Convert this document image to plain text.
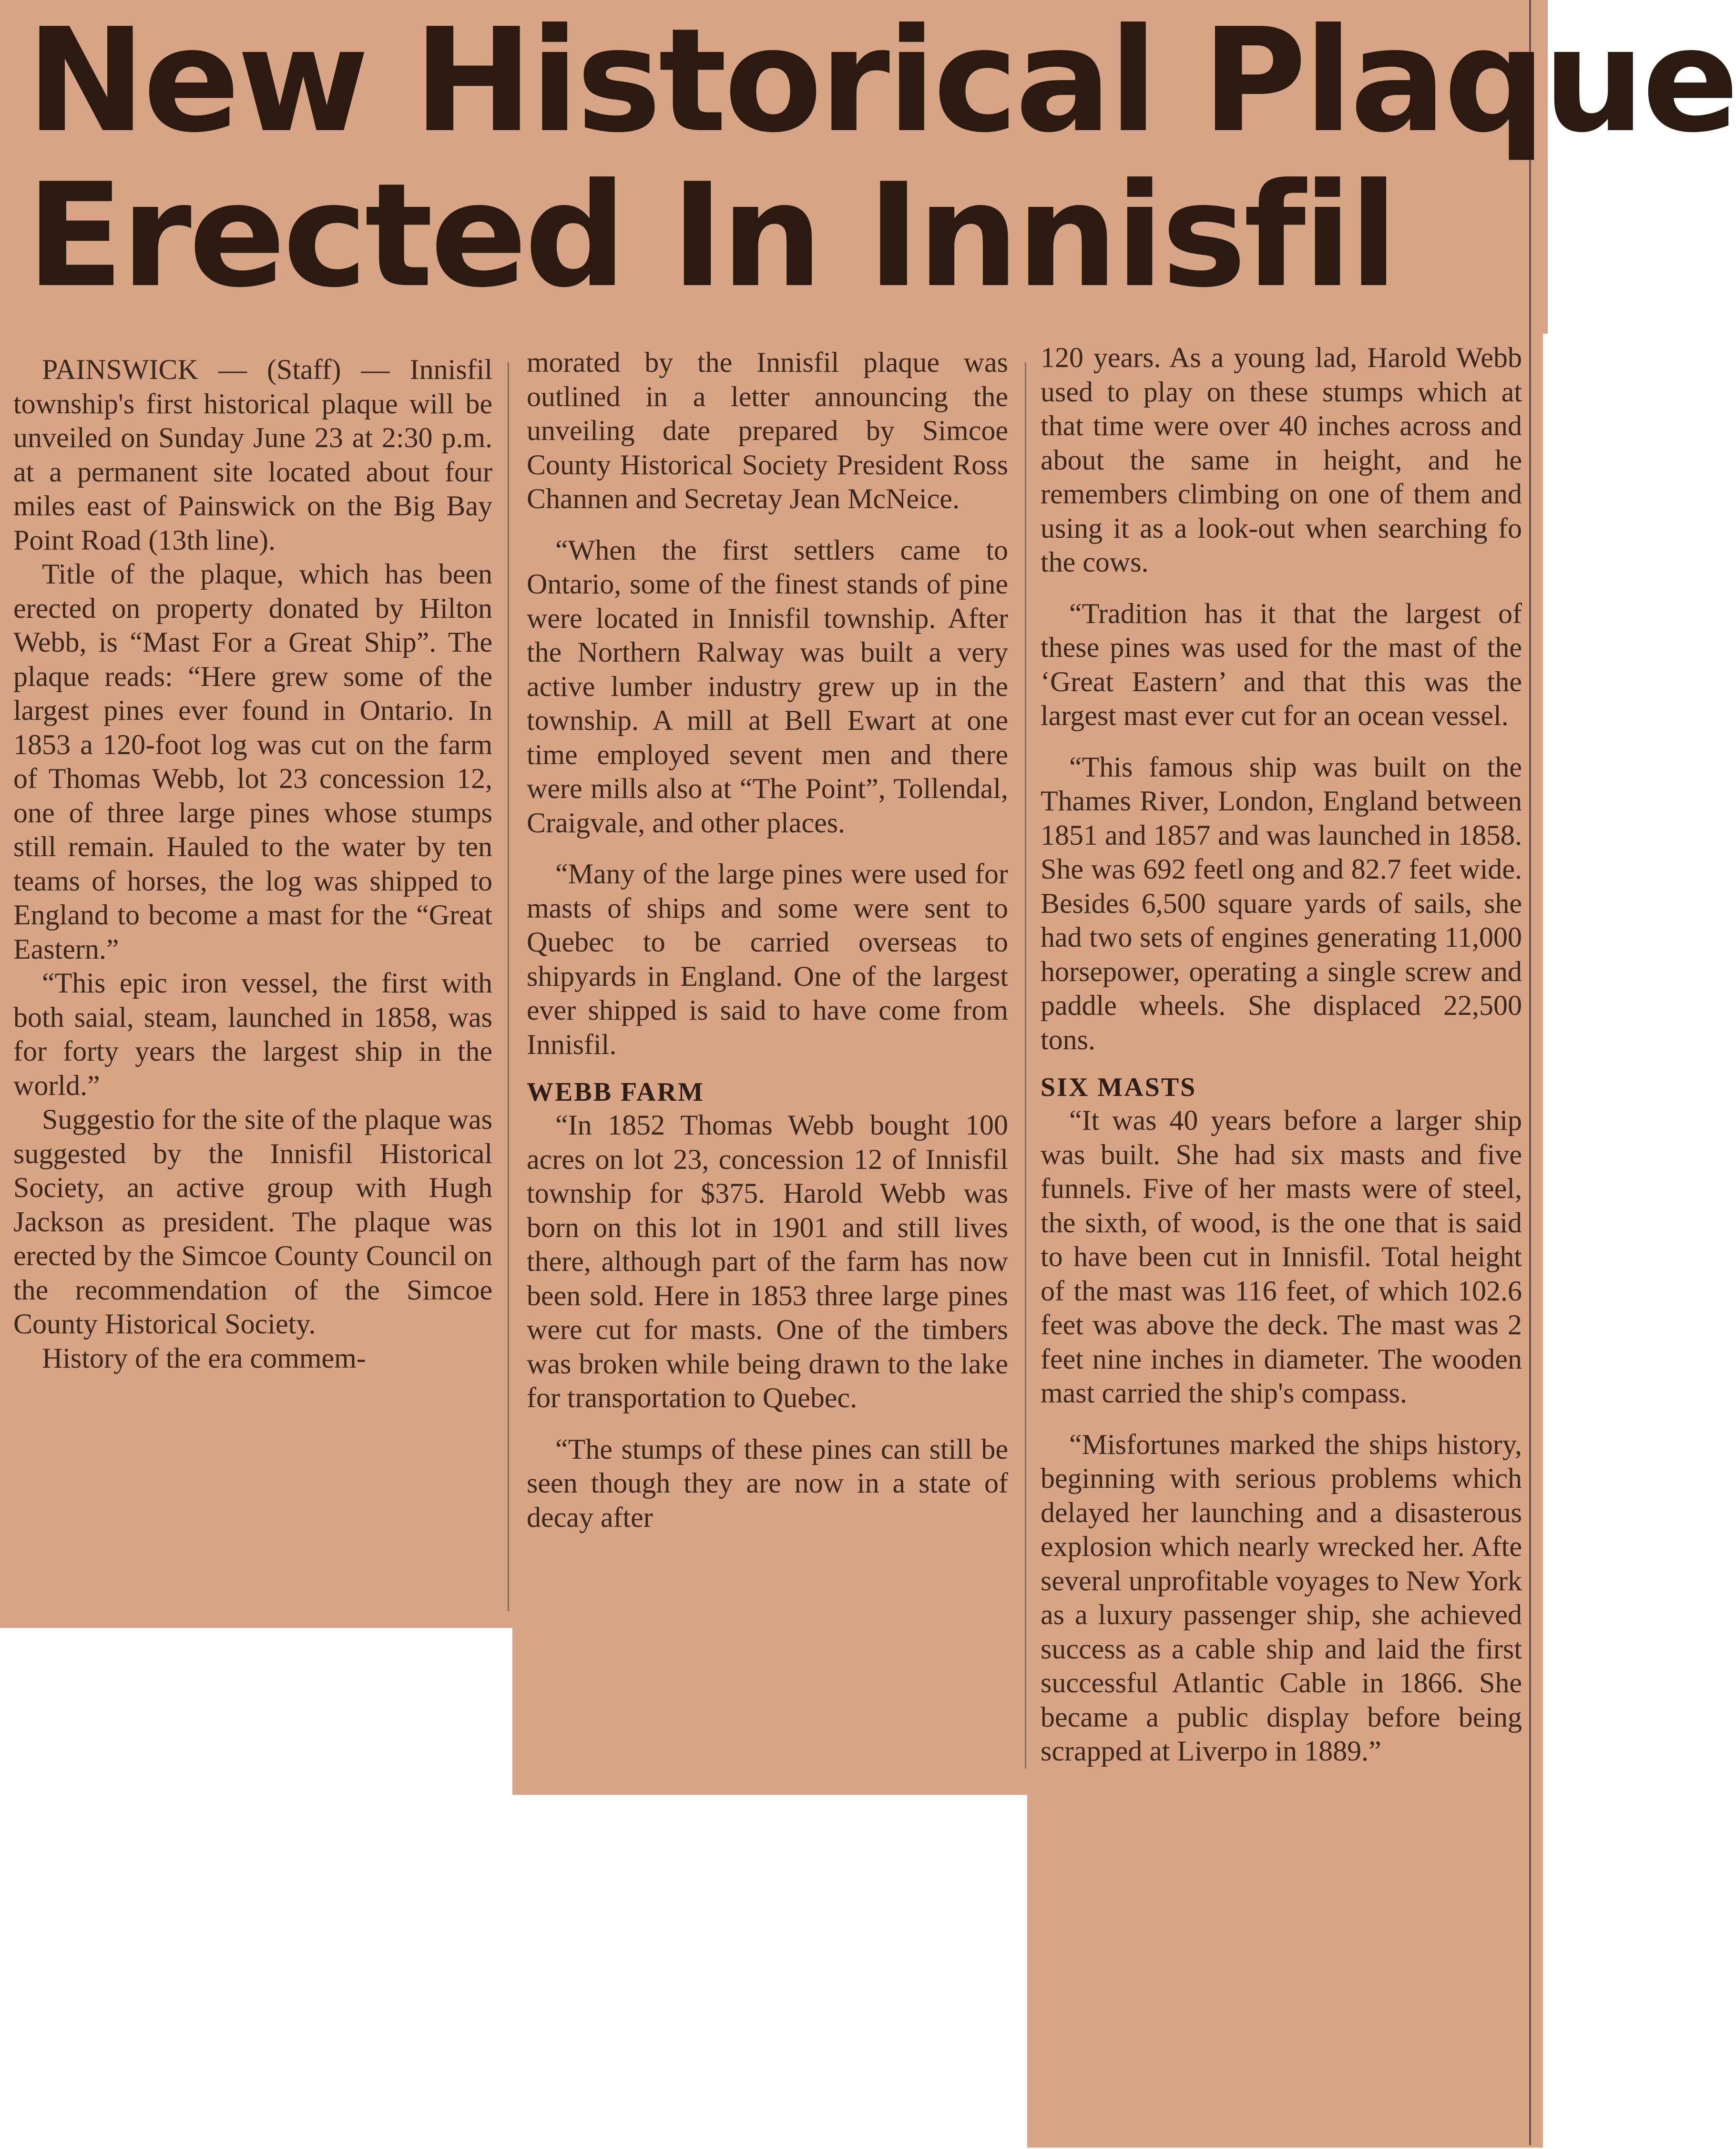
New Historical Plaque
Erected In Innisfil

PAINSWICK — (Staff) — Innisfil township's first historical plaque will be unveiled on Sunday June 23 at 2:30 p.m. at a permanent site located about four miles east of Painswick on the Big Bay Point Road (13th line).

Title of the plaque, which has been erected on property donated by Hilton Webb, is “Mast For a Great Ship”. The plaque reads: “Here grew some of the largest pines ever found in Ontario. In 1853 a 120-foot log was cut on the farm of Thomas Webb, lot 23 concession 12, one of three large pines whose stumps still remain. Hauled to the water by ten teams of horses, the log was shipped to England to become a mast for the “Great Eastern.”

“This epic iron vessel, the first with both saial, steam, launched in 1858, was for forty years the largest ship in the world.”

Suggestio for the site of the plaque was suggested by the Innisfil Historical Society, an active group with Hugh Jackson as president. The plaque was erected by the Simcoe County Council on the recommendation of the Simcoe County Historical Society.

History of the era commem-

morated by the Innisfil plaque was outlined in a letter announcing the unveiling date prepared by Simcoe County Historical Society President Ross Channen and Secretay Jean McNeice.

“When the first settlers came to Ontario, some of the finest stands of pine were located in Innisfil township. After the Northern Ralway was built a very active lumber industry grew up in the township. A mill at Bell Ewart at one time employed sevent men and there were mills also at “The Point”, Tollendal, Craigvale, and other places.

“Many of the large pines were used for masts of ships and some were sent to Quebec to be carried overseas to shipyards in England. One of the largest ever shipped is said to have come from Innisfil.

WEBB FARM

“In 1852 Thomas Webb bought 100 acres on lot 23, concession 12 of Innisfil township for $375. Harold Webb was born on this lot in 1901 and still lives there, although part of the farm has now been sold. Here in 1853 three large pines were cut for masts. One of the timbers was broken while being drawn to the lake for transportation to Quebec.

“The stumps of these pines can still be seen though they are now in a state of decay after

120 years. As a young lad, Harold Webb used to play on these stumps which at that time were over 40 inches across and about the same in height, and he remembers climbing on one of them and using it as a look-out when searching fo the cows.

“Tradition has it that the largest of these pines was used for the mast of the ‘Great Eastern’ and that this was the largest mast ever cut for an ocean vessel.

“This famous ship was built on the Thames River, London, England between 1851 and 1857 and was launched in 1858. She was 692 feetl ong and 82.7 feet wide. Besides 6,500 square yards of sails, she had two sets of engines generating 11,000 horsepower, operating a single screw and paddle wheels. She displaced 22,500 tons.

SIX MASTS

“It was 40 years before a larger ship was built. She had six masts and five funnels. Five of her masts were of steel, the sixth, of wood, is the one that is said to have been cut in Innisfil. Total height of the mast was 116 feet, of which 102.6 feet was above the deck. The mast was 2 feet nine inches in diameter. The wooden mast carried the ship's compass.

“Misfortunes marked the ships history, beginning with serious problems which delayed her launching and a disasterous explosion which nearly wrecked her. Afte several unprofitable voyages to New York as a luxury passenger ship, she achieved success as a cable ship and laid the first successful Atlantic Cable in 1866. She became a public display before being scrapped at Liverpo in 1889.”
